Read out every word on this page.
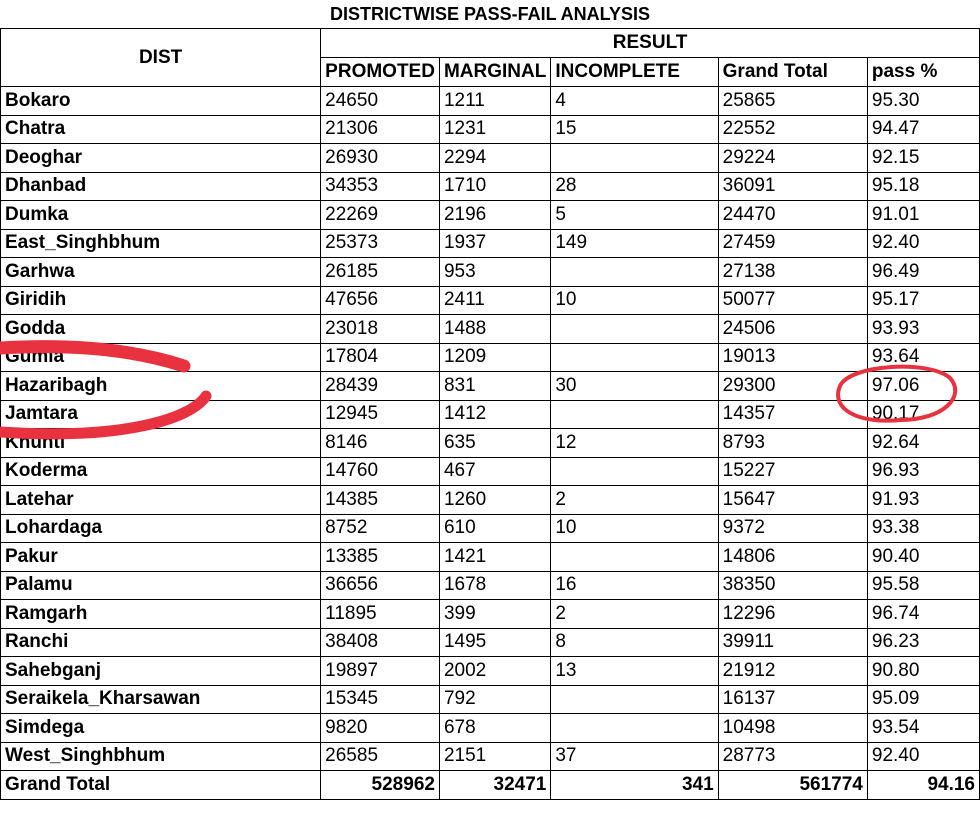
DISTRICTWISE PASS-FAIL ANALYSIS					
DIST	RESULT				
	PROMOTED	MARGINAL	INCOMPLETE	Grand Total	pass %
Bokaro	24650	1211	4	25865	95.30
Chatra	21306	1231	15	22552	94.47
Deoghar	26930	2294		29224	92.15
Dhanbad	34353	1710	28	36091	95.18
Dumka	22269	2196	5	24470	91.01
East_Singhbhum	25373	1937	149	27459	92.40
Garhwa	26185	953		27138	96.49
Giridih	47656	2411	10	50077	95.17
Godda	23018	1488		24506	93.93
Gumla	17804	1209		19013	93.64
Hazaribagh	28439	831	30	29300	97.06
Jamtara	12945	1412		14357	90.17
Khunti	8146	635	12	8793	92.64
Koderma	14760	467		15227	96.93
Latehar	14385	1260	2	15647	91.93
Lohardaga	8752	610	10	9372	93.38
Pakur	13385	1421		14806	90.40
Palamu	36656	1678	16	38350	95.58
Ramgarh	11895	399	2	12296	96.74
Ranchi	38408	1495	8	39911	96.23
Sahebganj	19897	2002	13	21912	90.80
Seraikela_Kharsawan	15345	792		16137	95.09
Simdega	9820	678		10498	93.54
West_Singhbhum	26585	2151	37	28773	92.40
Grand Total	528962	32471	341	561774	94.16
